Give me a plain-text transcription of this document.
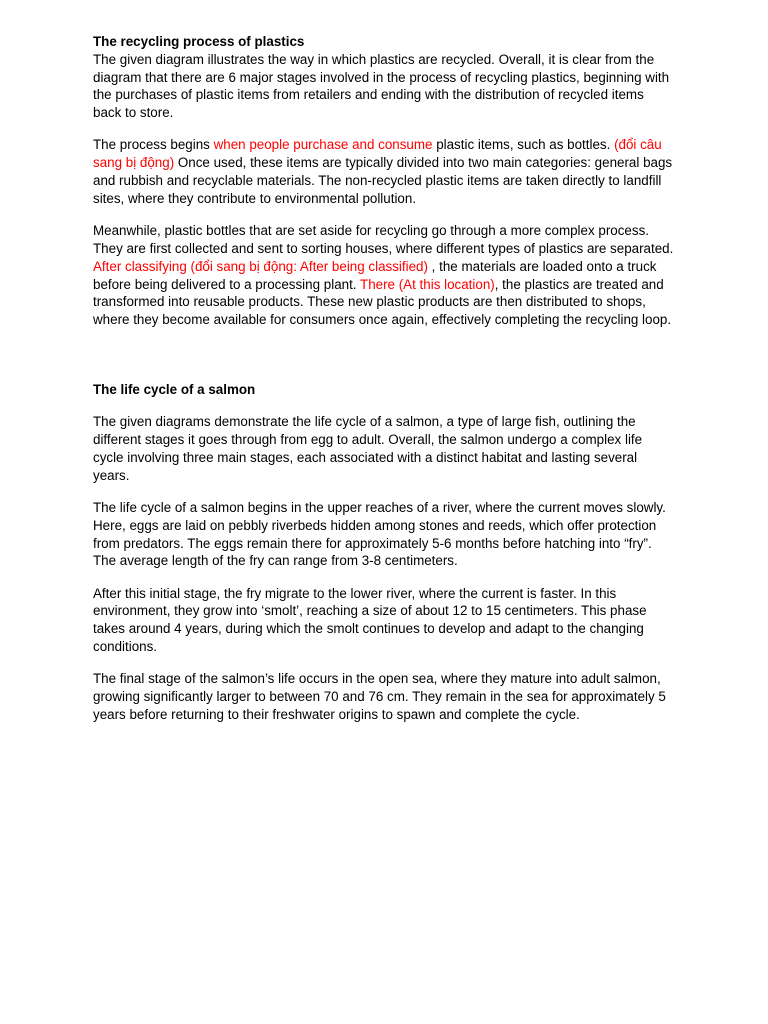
The recycling process of plastics

The given diagram illustrates the way in which plastics are recycled. Overall, it is clear from the diagram that there are 6 major stages involved in the process of recycling plastics, beginning with the purchases of plastic items from retailers and ending with the distribution of recycled items back to store.

The process begins when people purchase and consume plastic items, such as bottles. (đổi câu sang bị động) Once used, these items are typically divided into two main categories: general bags and rubbish and recyclable materials. The non-recycled plastic items are taken directly to landfill sites, where they contribute to environmental pollution.

Meanwhile, plastic bottles that are set aside for recycling go through a more complex process. They are first collected and sent to sorting houses, where different types of plastics are separated. After classifying (đổi sang bị động: After being classified) , the materials are loaded onto a truck before being delivered to a processing plant. There (At this location), the plastics are treated and transformed into reusable products. These new plastic products are then distributed to shops, where they become available for consumers once again, effectively completing the recycling loop.

The life cycle of a salmon

The given diagrams demonstrate the life cycle of a salmon, a type of large fish, outlining the different stages it goes through from egg to adult. Overall, the salmon undergo a complex life cycle involving three main stages, each associated with a distinct habitat and lasting several years.

The life cycle of a salmon begins in the upper reaches of a river, where the current moves slowly. Here, eggs are laid on pebbly riverbeds hidden among stones and reeds, which offer protection from predators. The eggs remain there for approximately 5-6 months before hatching into “fry”. The average length of the fry can range from 3-8 centimeters.

After this initial stage, the fry migrate to the lower river, where the current is faster. In this environment, they grow into ‘smolt’, reaching a size of about 12 to 15 centimeters. This phase takes around 4 years, during which the smolt continues to develop and adapt to the changing conditions.

The final stage of the salmon’s life occurs in the open sea, where they mature into adult salmon, growing significantly larger to between 70 and 76 cm. They remain in the sea for approximately 5 years before returning to their freshwater origins to spawn and complete the cycle.
